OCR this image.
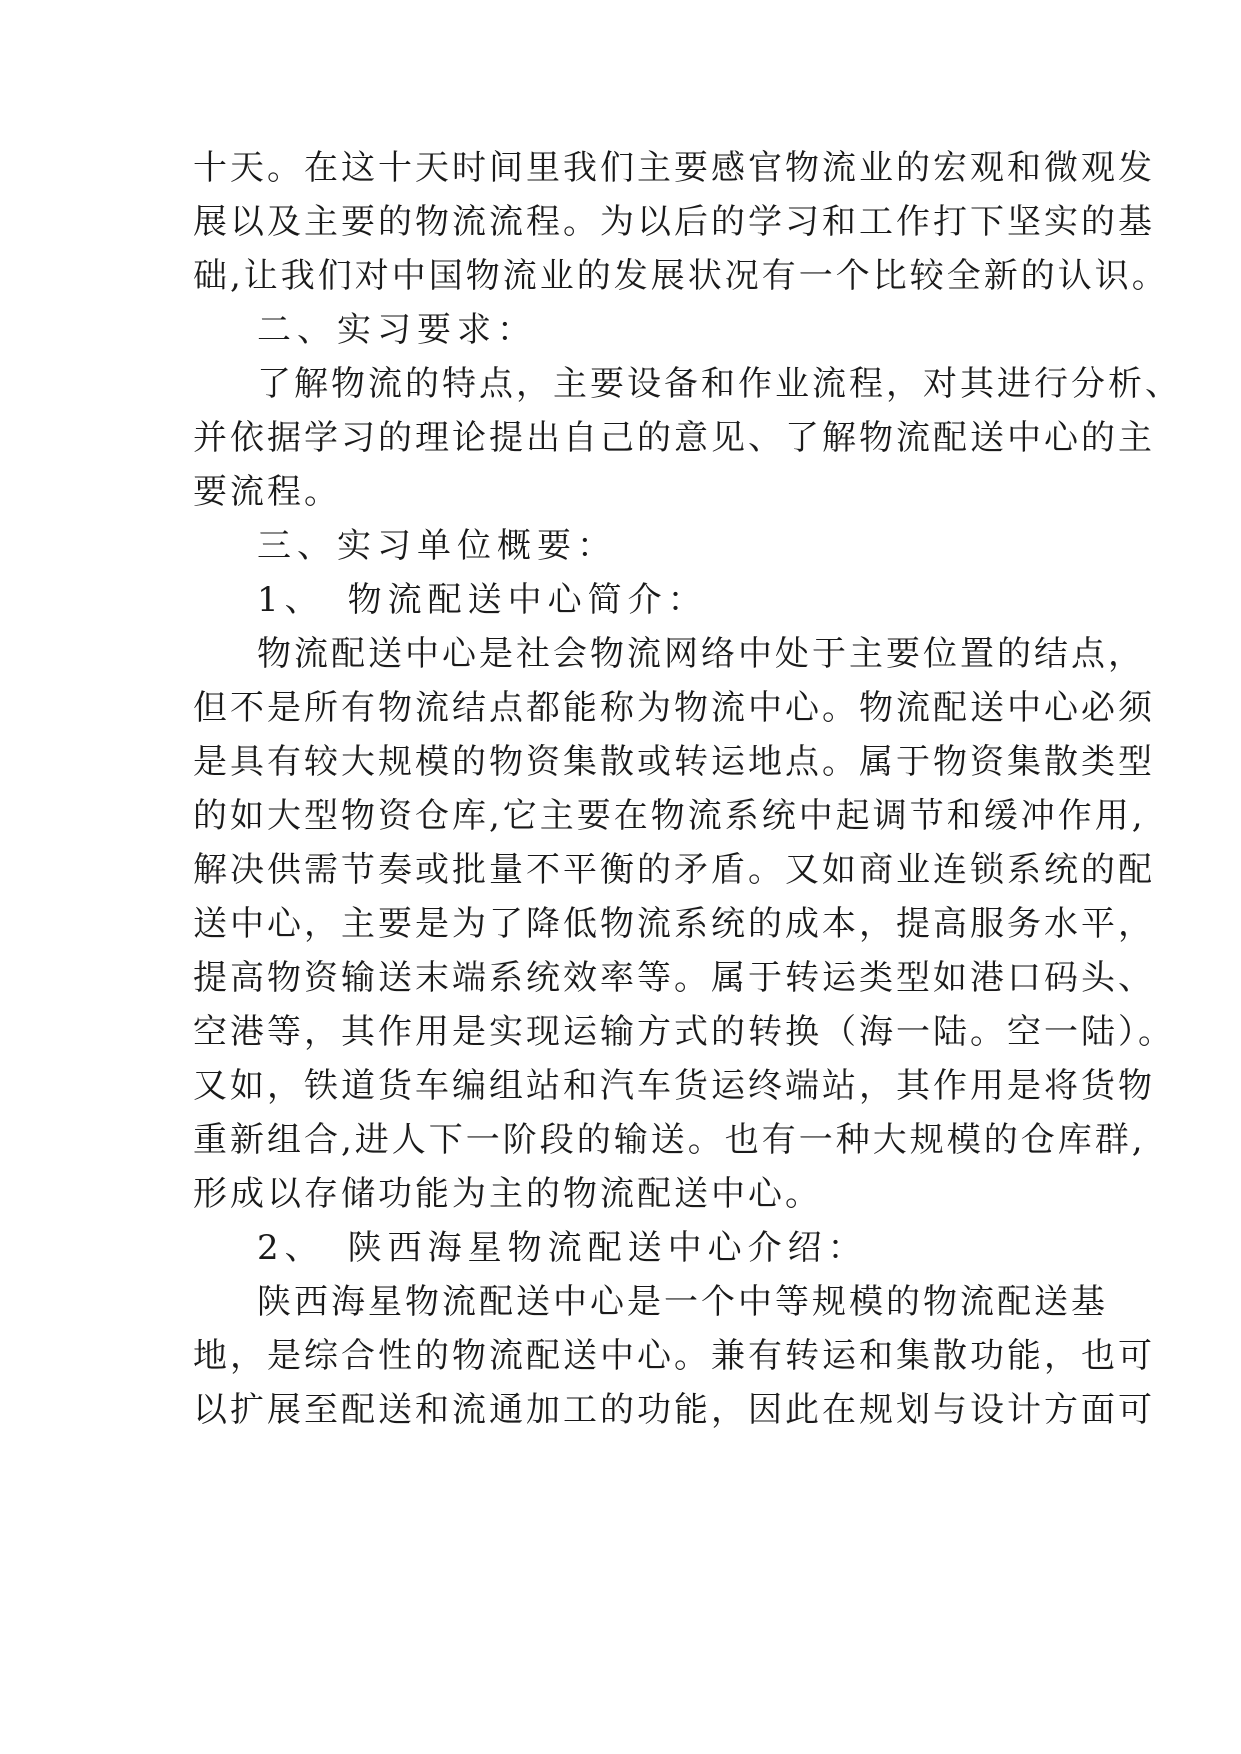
十天。在这十天时间里我们主要感官物流业的宏观和微观发
展以及主要的物流流程。为以后的学习和工作打下坚实的基
础,让我们对中国物流业的发展状况有一个比较全新的认识。
二、实习要求：
了解物流的特点，主要设备和作业流程，对其进行分析、
并依据学习的理论提出自己的意见、了解物流配送中心的主
要流程。
三、实习单位概要：
1、　物流配送中心简介：
物流配送中心是社会物流网络中处于主要位置的结点，
但不是所有物流结点都能称为物流中心。物流配送中心必须
是具有较大规模的物资集散或转运地点。属于物资集散类型
的如大型物资仓库,它主要在物流系统中起调节和缓冲作用,
解决供需节奏或批量不平衡的矛盾。又如商业连锁系统的配
送中心，主要是为了降低物流系统的成本，提高服务水平，
提高物资输送末端系统效率等。属于转运类型如港口码头、
空港等，其作用是实现运输方式的转换（海一陆。空一陆）。
又如，铁道货车编组站和汽车货运终端站，其作用是将货物
重新组合,进人下一阶段的输送。也有一种大规模的仓库群,
形成以存储功能为主的物流配送中心。
2、　陕西海星物流配送中心介绍：
陕西海星物流配送中心是一个中等规模的物流配送基
地，是综合性的物流配送中心。兼有转运和集散功能，也可
以扩展至配送和流通加工的功能，因此在规划与设计方面可
